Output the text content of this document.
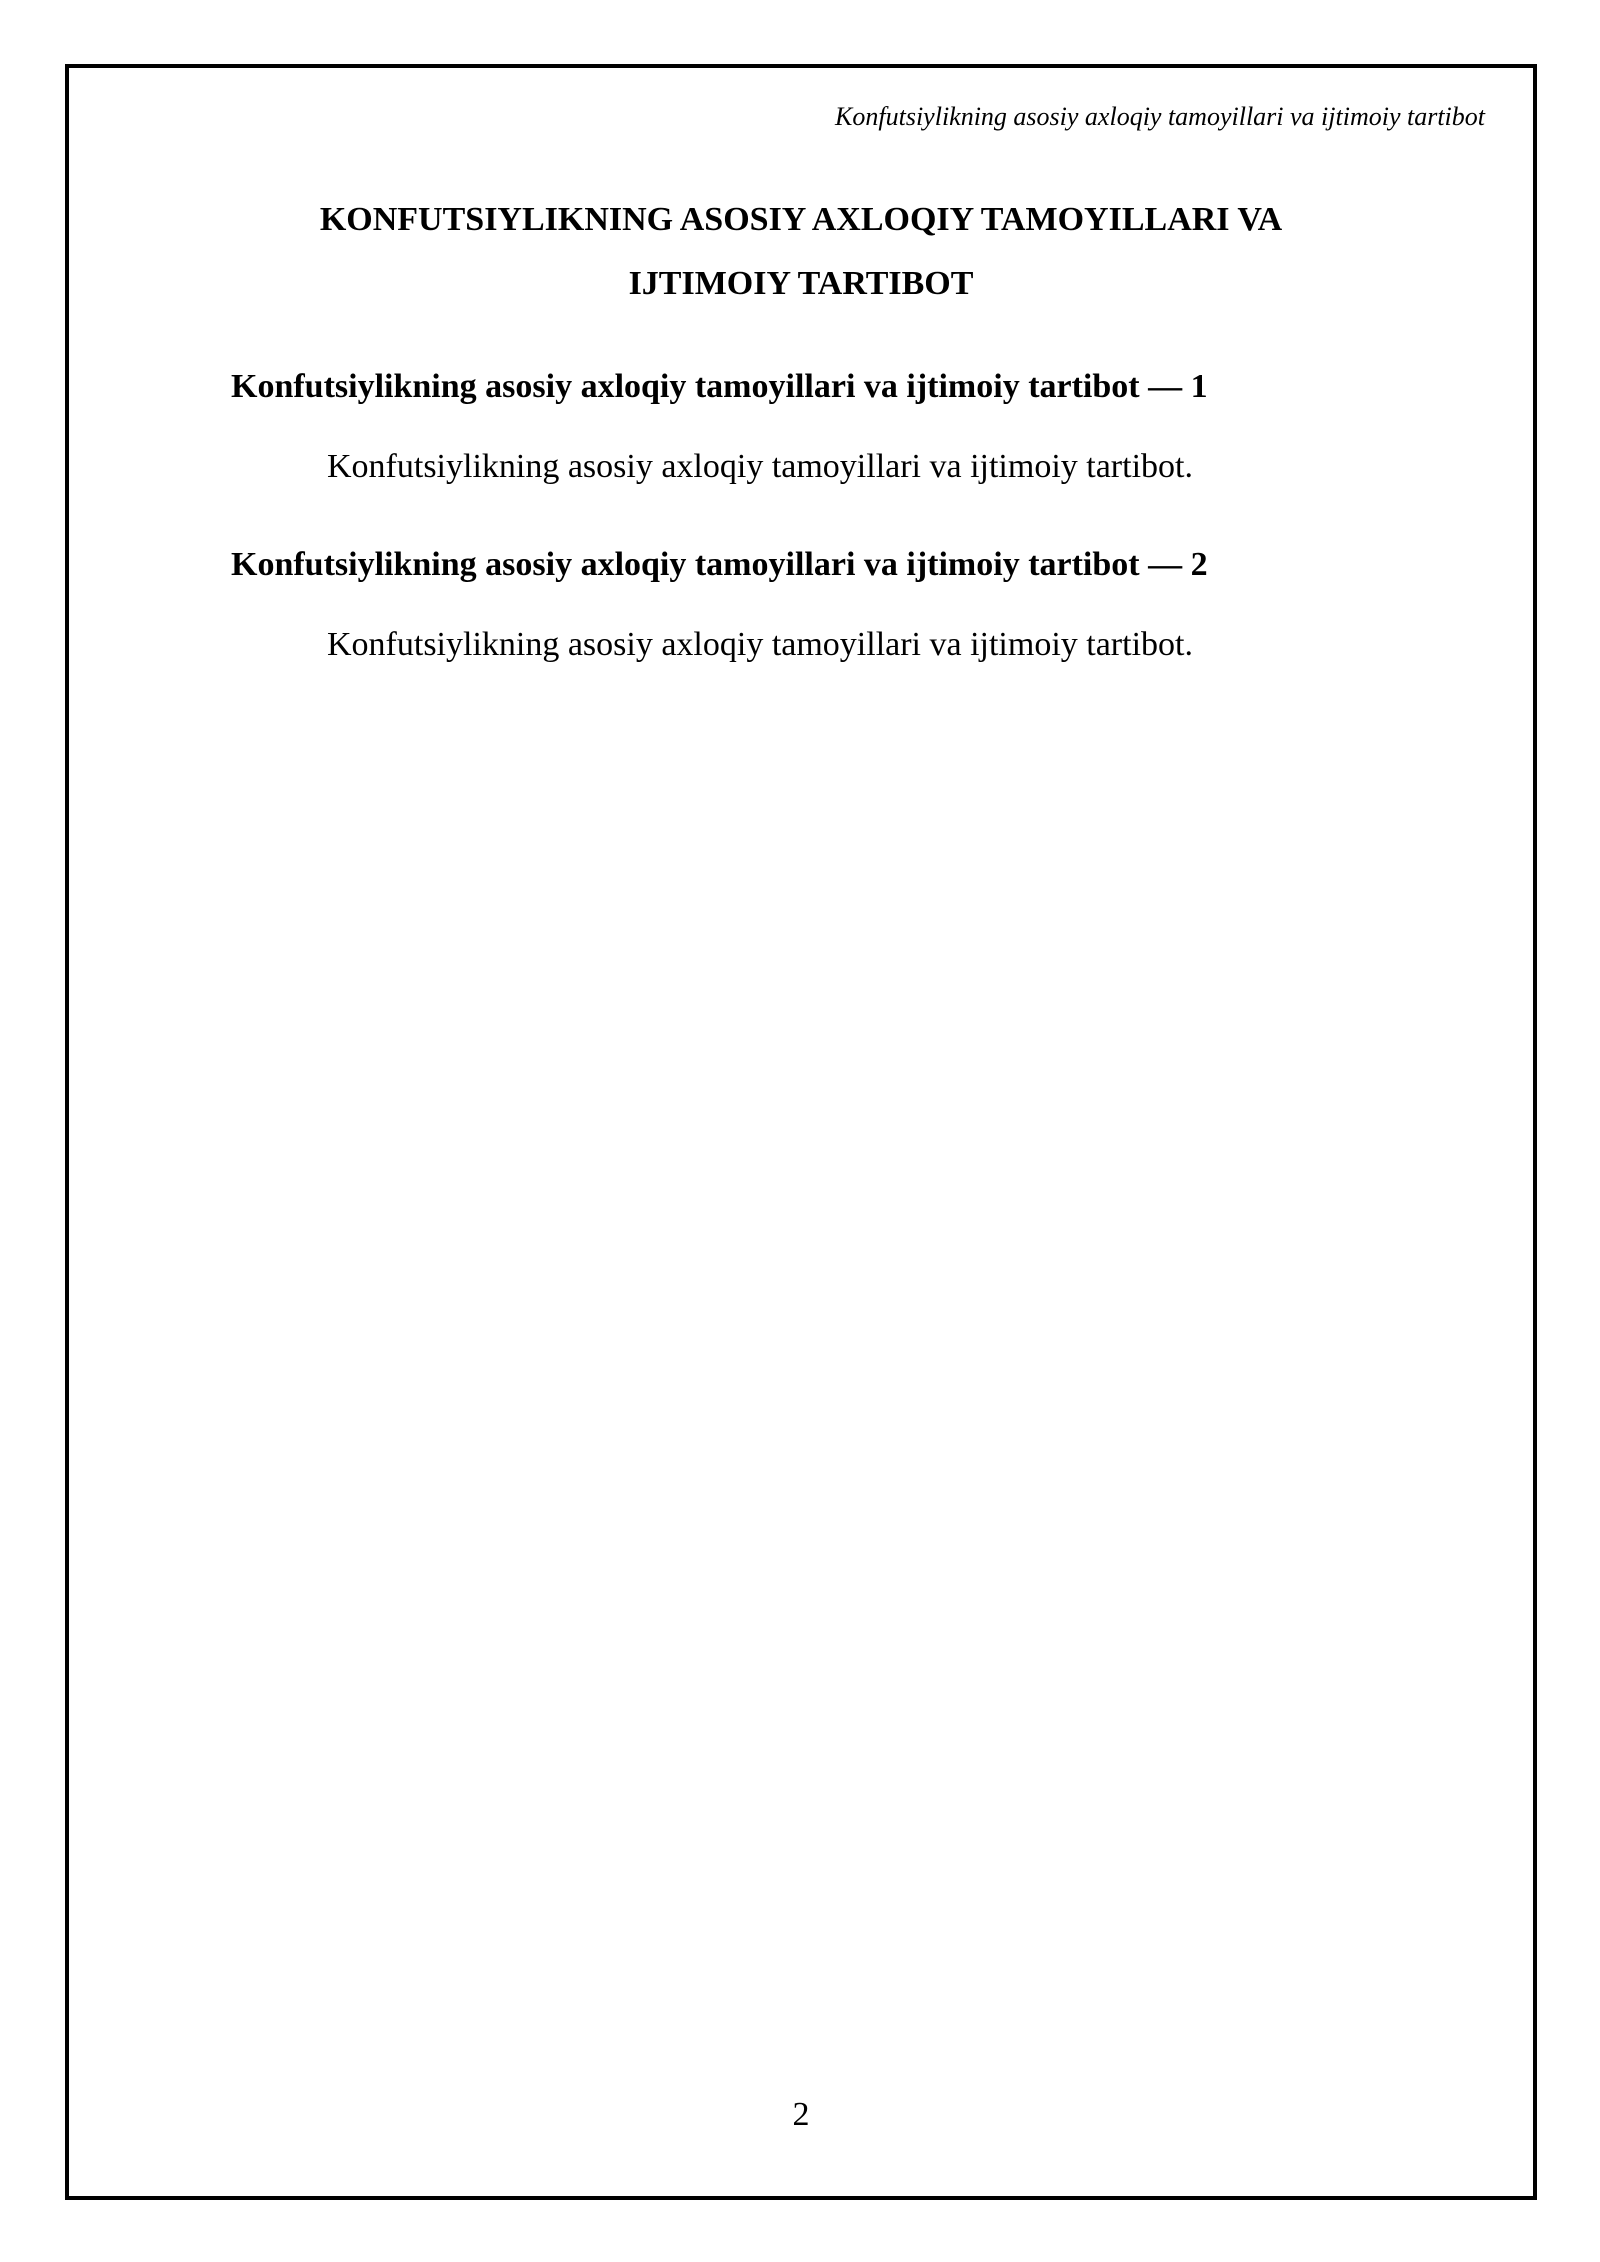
Konfutsiylikning asosiy axloqiy tamoyillari va ijtimoiy tartibot
KONFUTSIYLIKNING ASOSIY AXLOQIY TAMOYILLARI VA
IJTIMOIY TARTIBOT
Konfutsiylikning asosiy axloqiy tamoyillari va ijtimoiy tartibot — 1

Konfutsiylikning asosiy axloqiy tamoyillari va ijtimoiy tartibot.

Konfutsiylikning asosiy axloqiy tamoyillari va ijtimoiy tartibot — 2

Konfutsiylikning asosiy axloqiy tamoyillari va ijtimoiy tartibot.

2
